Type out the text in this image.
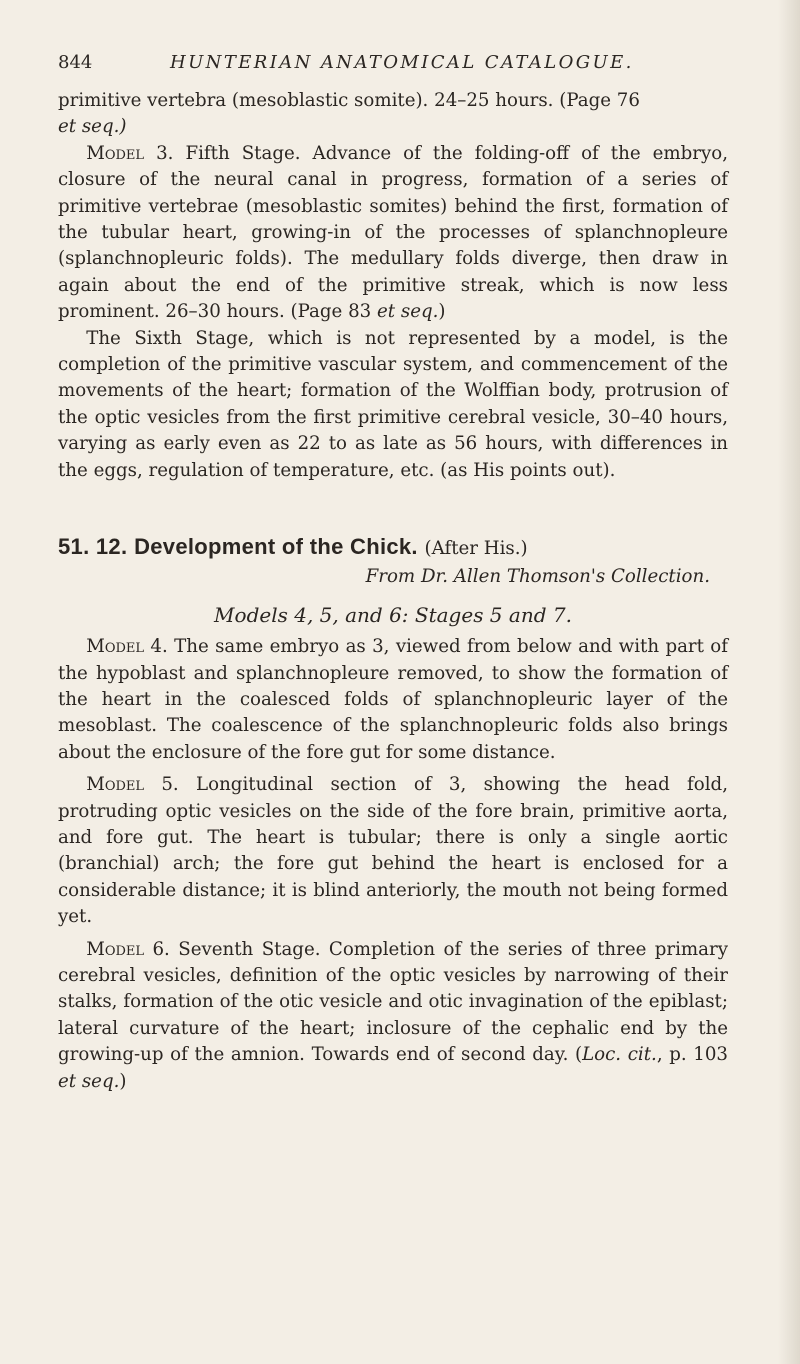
844	HUNTERIAN ANATOMICAL CATALOGUE.

primitive vertebra (mesoblastic somite). 24–25 hours. (Page 76
et seq.)

Model 3. Fifth Stage. Advance of the folding-off of the embryo, closure of the neural canal in progress, formation of a series of primitive vertebrae (mesoblastic somites) behind the first, formation of the tubular heart, growing-in of the processes of splanchnopleure (splanchnopleuric folds). The medullary folds diverge, then draw in again about the end of the primitive streak, which is now less prominent. 26–30 hours. (Page 83 et seq.)

The Sixth Stage, which is not represented by a model, is the completion of the primitive vascular system, and commencement of the movements of the heart; formation of the Wolffian body, protrusion of the optic vesicles from the first primitive cerebral vesicle, 30–40 hours, varying as early even as 22 to as late as 56 hours, with differences in the eggs, regulation of temperature, etc. (as His points out).

51. 12. Development of the Chick. (After His.)

From Dr. Allen Thomson's Collection.

Models 4, 5, and 6: Stages 5 and 7.

Model 4. The same embryo as 3, viewed from below and with part of the hypoblast and splanchnopleure removed, to show the formation of the heart in the coalesced folds of splanchnopleuric layer of the mesoblast. The coalescence of the splanchnopleuric folds also brings about the enclosure of the fore gut for some distance.

Model 5. Longitudinal section of 3, showing the head fold, protruding optic vesicles on the side of the fore brain, primitive aorta, and fore gut. The heart is tubular; there is only a single aortic (branchial) arch; the fore gut behind the heart is enclosed for a considerable distance; it is blind anteriorly, the mouth not being formed yet.

Model 6. Seventh Stage. Completion of the series of three primary cerebral vesicles, definition of the optic vesicles by narrowing of their stalks, formation of the otic vesicle and otic invagination of the epiblast; lateral curvature of the heart; inclosure of the cephalic end by the growing-up of the amnion. Towards end of second day. (Loc. cit., p. 103 et seq.)
